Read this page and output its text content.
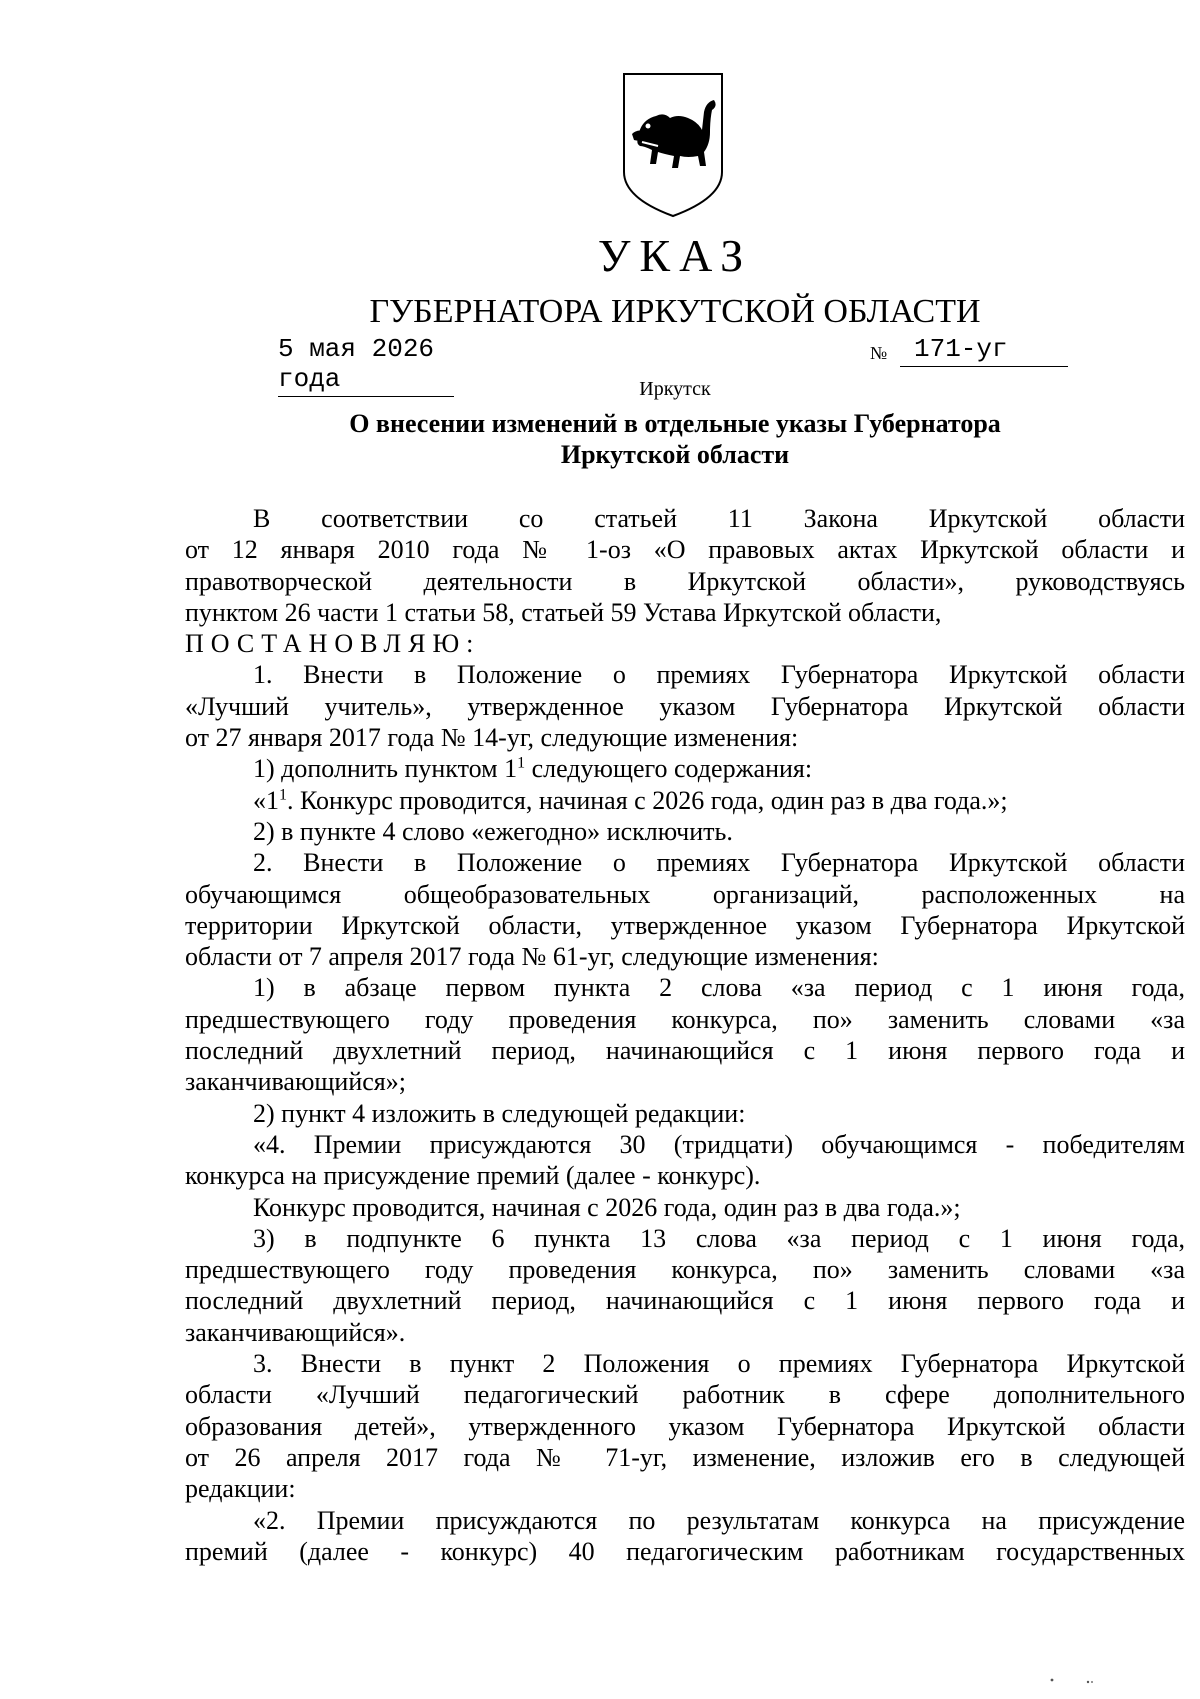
УКАЗ
ГУБЕРНАТОРА ИРКУТСКОЙ ОБЛАСТИ
5 мая 2026 года
№	171-уг
Иркутск
О внесении изменений в отдельные указы Губернатора
Иркутской области

В соответствии со статьей 11 Закона Иркутской области

от 12 января 2010 года № 1-оз «О правовых актах Иркутской области и

правотворческой деятельности в Иркутской области», руководствуясь

пунктом 26 части 1 статьи 58, статьей 59 Устава Иркутской области,

ПОСТАНОВЛЯЮ:

1. Внести в Положение о премиях Губернатора Иркутской области

«Лучший учитель», утвержденное указом Губернатора Иркутской области

от 27 января 2017 года № 14-уг, следующие изменения:

1) дополнить пунктом $1^1$ следующего содержания:

«$1^1$. Конкурс проводится, начиная с 2026 года, один раз в два года.»;

2) в пункте 4 слово «ежегодно» исключить.

2. Внести в Положение о премиях Губернатора Иркутской области

обучающимся общеобразовательных организаций, расположенных на

территории Иркутской области, утвержденное указом Губернатора Иркутской

области от 7 апреля 2017 года № 61-уг, следующие изменения:

1) в абзаце первом пункта 2 слова «за период с 1 июня года,

предшествующего году проведения конкурса, по» заменить словами «за

последний двухлетний период, начинающийся с 1 июня первого года и

заканчивающийся»;

2) пункт 4 изложить в следующей редакции:

«4. Премии присуждаются 30 (тридцати) обучающимся - победителям

конкурса на присуждение премий (далее - конкурс).

Конкурс проводится, начиная с 2026 года, один раз в два года.»;

3) в подпункте 6 пункта 13 слова «за период с 1 июня года,

предшествующего году проведения конкурса, по» заменить словами «за

последний двухлетний период, начинающийся с 1 июня первого года и

заканчивающийся».

3. Внести в пункт 2 Положения о премиях Губернатора Иркутской

области «Лучший педагогический работник в сфере дополнительного

образования детей», утвержденного указом Губернатора Иркутской области

от 26 апреля 2017 года № 71-уг, изменение, изложив его в следующей

редакции:

«2. Премии присуждаются по результатам конкурса на присуждение

премий (далее - конкурс) 40 педагогическим работникам государственных
